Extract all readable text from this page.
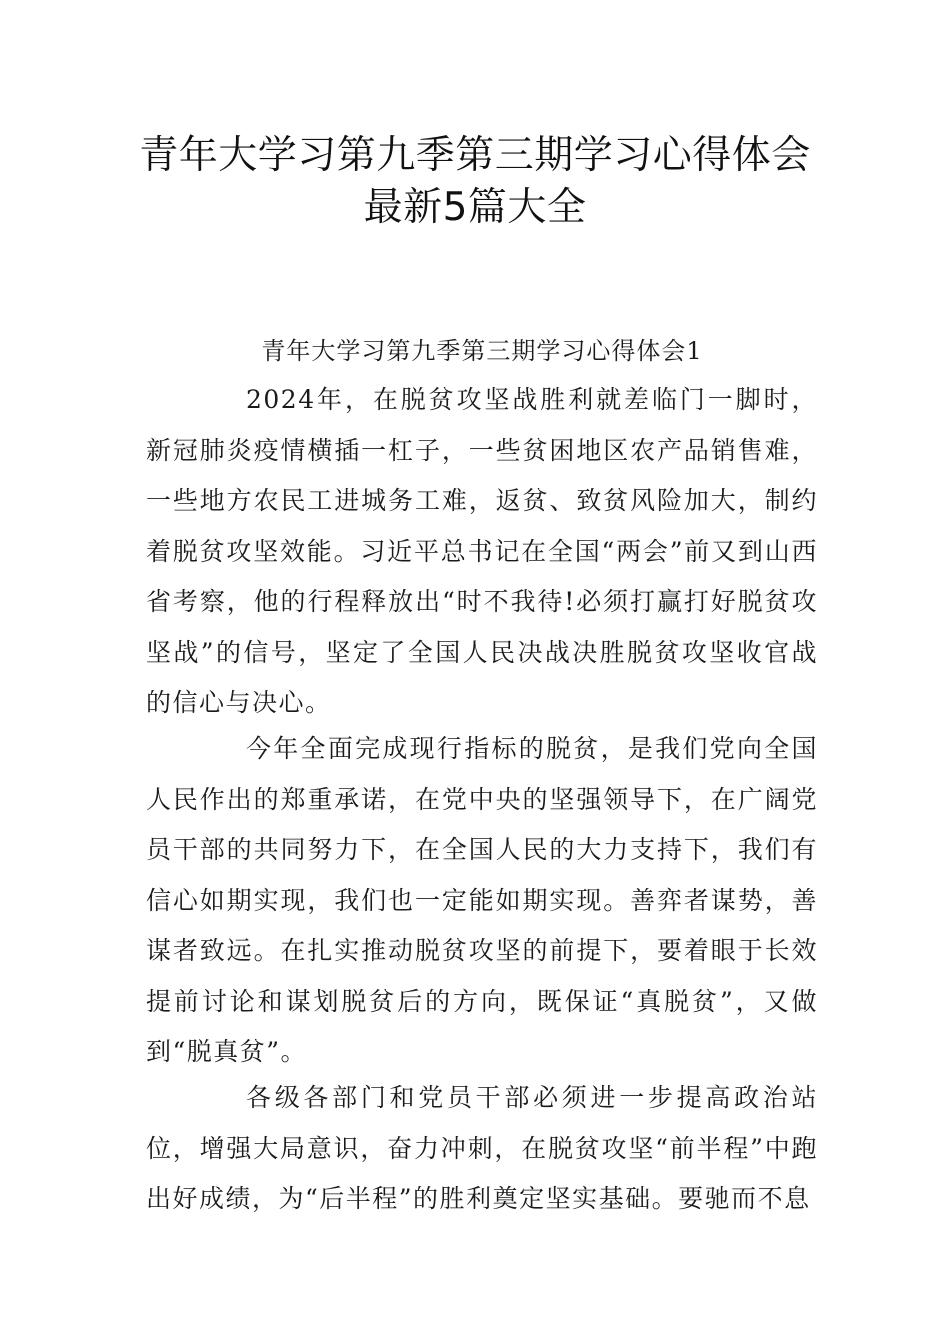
青年大学习第九季第三期学习心得体会
最新5篇大全
青年大学习第九季第三期学习心得体会1

2024年，在脱贫攻坚战胜利就差临门一脚时，新冠肺炎疫情横插一杠子，一些贫困地区农产品销售难，一些地方农民工进城务工难，返贫、致贫风险加大，制约着脱贫攻坚效能。习近平总书记在全国“两会”前又到山西省考察，他的行程释放出“时不我待!必须打赢打好脱贫攻坚战”的信号，坚定了全国人民决战决胜脱贫攻坚收官战的信心与决心。

今年全面完成现行指标的脱贫，是我们党向全国人民作出的郑重承诺，在党中央的坚强领导下，在广阔党员干部的共同努力下，在全国人民的大力支持下，我们有信心如期实现，我们也一定能如期实现。善弈者谋势，善谋者致远。在扎实推动脱贫攻坚的前提下，要着眼于长效提前讨论和谋划脱贫后的方向，既保证“真脱贫”，又做到“脱真贫”。

各级各部门和党员干部必须进一步提高政治站位，增强大局意识，奋力冲刺，在脱贫攻坚“前半程”中跑出好成绩，为“后半程”的胜利奠定坚实基础。要驰而不息
